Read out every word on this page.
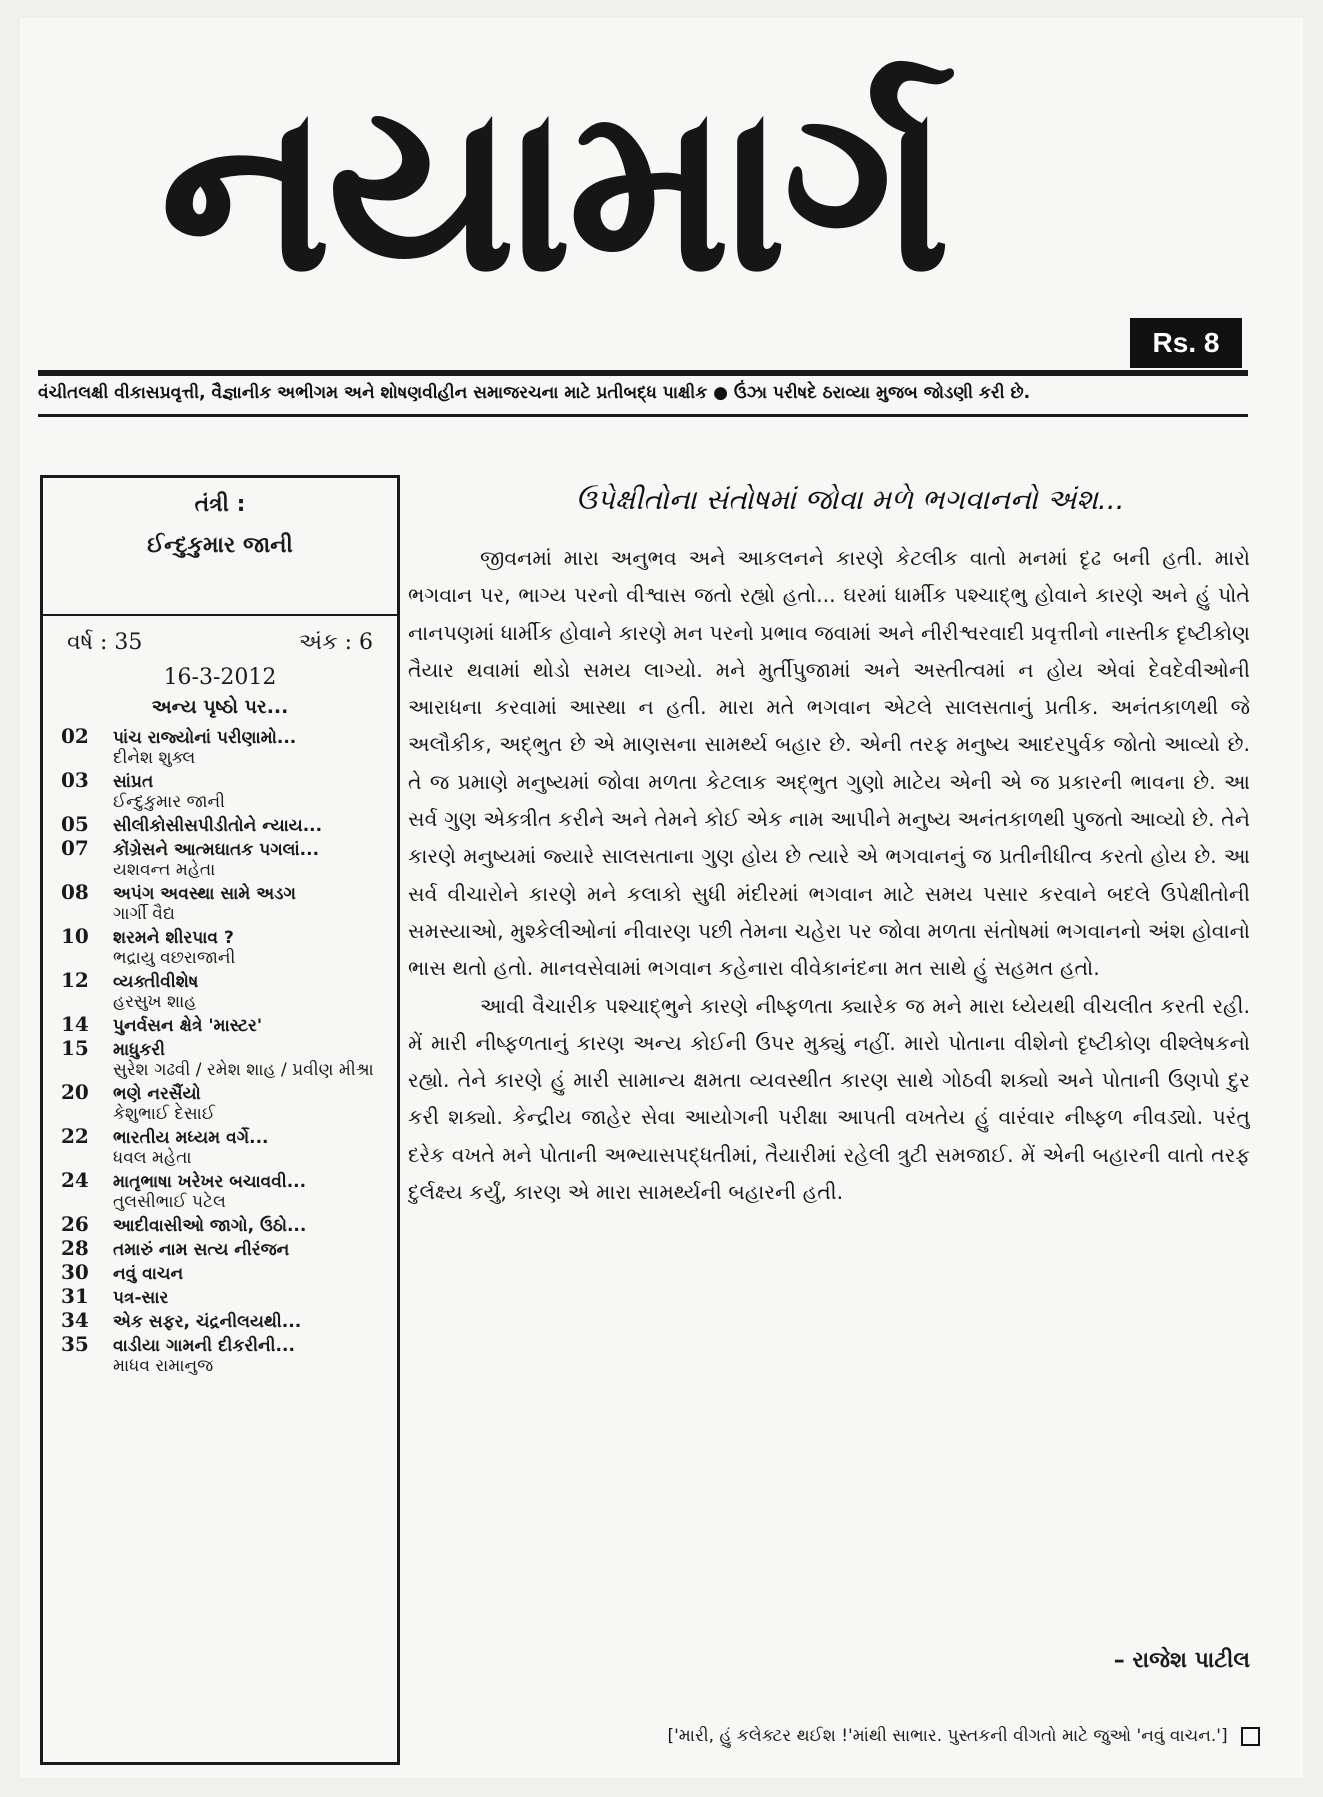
નયામાર્ગ
Rs. 8
વંચીતલક્ષી વીકાસપ્રવૃત્તી, વૈજ્ઞાનીક અભીગમ અને શોષણવીહીન સમાજરચના માટે પ્રતીબદ્ધ પાક્ષીક ● ઉંઝા પરીષદે ઠરાવ્યા મુજબ જોડણી કરી છે.
તંત્રી :
ઈન્દુકુમાર જાની
વર્ષ : 35	અંક : 6
16-3-2012
અન્ય પૃષ્ઠો પર...
02	પાંચ રાજ્યોનાં પરીણામો...
દીનેશ શુક્લ
03	સાંપ્રત
ઈન્દુકુમાર જાની
05	સીલીકોસીસપીડીતોને ન્યાય...
07	કોંગ્રેસને આત્મઘાતક પગલાં...
યશવન્ત મહેતા
08	અપંગ અવસ્થા સામે અડગ
ગાર્ગી વૈદ્ય
10	શરમને શીરપાવ ?
ભદ્રાયુ વછરાજાની
12	વ્યક્તીવીશેષ
હરસુખ શાહ
14	પુનર્વસન ક્ષેત્રે 'માસ્ટર'
15	માધુકરી
સુરેશ ગઢવી / રમેશ શાહ / પ્રવીણ મીશ્રા
20	ભણે નરસૈંયો
કેશુભાઈ દેસાઈ
22	ભારતીય મધ્યમ વર્ગે...
ધવલ મહેતા
24	માતૃભાષા ખરેખર બચાવવી...
તુલસીભાઈ પટેલ
26	આદીવાસીઓ જાગો, ઉઠો...
28	તમારું નામ સત્ય નીરંજન
30	નવું વાચન
31	પત્ર-સાર
34	એક સફર, ચંદ્રનીલયથી...
35	વાડીયા ગામની દીકરીની...
માધવ રામાનુજ
ઉપેક્ષીતોના સંતોષમાં જોવા મળે ભગવાનનો અંશ...

જીવનમાં મારા અનુભવ અને આકલનને કારણે કેટલીક વાતો મનમાં દૃઢ બની હતી. મારો ભગવાન પર, ભાગ્ય પરનો વીશ્વાસ જતો રહ્યો હતો... ઘરમાં ધાર્મીક પશ્ચાદ્ભુ હોવાને કારણે અને હું પોતે નાનપણમાં ધાર્મીક હોવાને કારણે મન પરનો પ્રભાવ જવામાં અને નીરીશ્વરવાદી પ્રવૃત્તીનો નાસ્તીક દૃષ્ટીકોણ તૈયાર થવામાં થોડો સમય લાગ્યો. મને મુર્તીપુજામાં અને અસ્તીત્વમાં ન હોય એવાં દેવદેવીઓની આરાધના કરવામાં આસ્થા ન હતી. મારા મતે ભગવાન એટલે સાલસતાનું પ્રતીક. અનંતકાળથી જે અલૌકીક, અદ્ભુત છે એ માણસના સામર્થ્ય બહાર છે. એની તરફ મનુષ્ય આદરપુર્વક જોતો આવ્યો છે. તે જ પ્રમાણે મનુષ્યમાં જોવા મળતા કેટલાક અદ્ભુત ગુણો માટેય એની એ જ પ્રકારની ભાવના છે. આ સર્વ ગુણ એકત્રીત કરીને અને તેમને કોઈ એક નામ આપીને મનુષ્ય અનંતકાળથી પુજતો આવ્યો છે. તેને કારણે મનુષ્યમાં જ્યારે સાલસતાના ગુણ હોય છે ત્યારે એ ભગવાનનું જ પ્રતીનીધીત્વ કરતો હોય છે. આ સર્વ વીચારોને કારણે મને કલાકો સુધી મંદીરમાં ભગવાન માટે સમય પસાર કરવાને બદલે ઉપેક્ષીતોની સમસ્યાઓ, મુશ્કેલીઓનાં નીવારણ પછી તેમના ચહેરા પર જોવા મળતા સંતોષમાં ભગવાનનો અંશ હોવાનો ભાસ થતો હતો. માનવસેવામાં ભગવાન કહેનારા વીવેકાનંદના મત સાથે હું સહમત હતો.

આવી વૈચારીક પશ્ચાદ્ભુને કારણે નીષ્ફળતા ક્યારેક જ મને મારા ધ્યેયથી વીચલીત કરતી રહી. મેં મારી નીષ્ફળતાનું કારણ અન્ય કોઈની ઉપર મુક્યું નહીં. મારો પોતાના વીશેનો દૃષ્ટીકોણ વીશ્લેષકનો રહ્યો. તેને કારણે હું મારી સામાન્ય ક્ષમતા વ્યવસ્થીત કારણ સાથે ગોઠવી શક્યો અને પોતાની ઉણપો દુર કરી શક્યો. કેન્દ્રીય જાહેર સેવા આયોગની પરીક્ષા આપતી વખતેય હું વારંવાર નીષ્ફળ નીવડ્યો. પરંતુ દરેક વખતે મને પોતાની અભ્યાસપદ્ધતીમાં, તૈયારીમાં રહેલી ત્રુટી સમજાઈ. મેં એની બહારની વાતો તરફ દુર્લક્ષ્ય કર્યું, કારણ એ મારા સામર્થ્યની બહારની હતી.

– રાજેશ પાટીલ
['મારી, હું કલેક્ટર થઈશ !'માંથી સાભાર. પુસ્તકની વીગતો માટે જુઓ 'નવું વાચન.']
